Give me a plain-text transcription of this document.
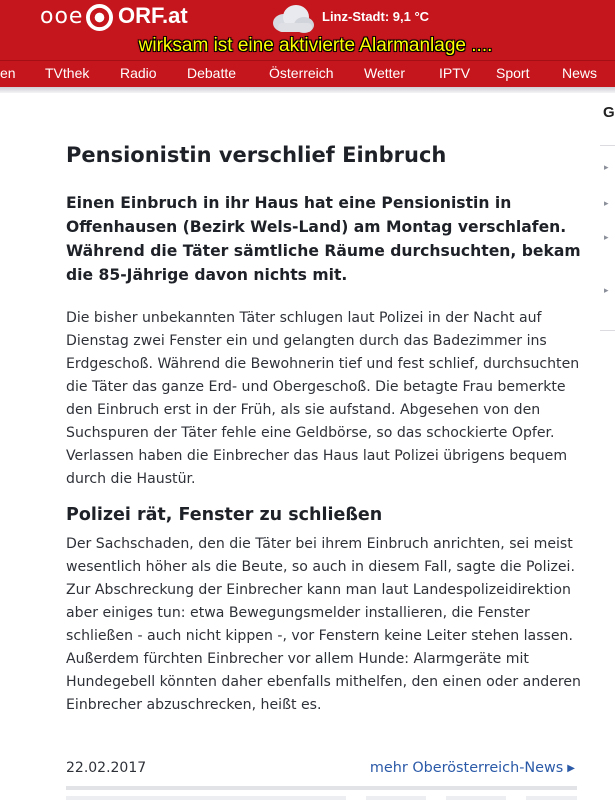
ooe ORF.at	Linz-Stadt: 9,1 °C
wirksam ist eine aktivierte Alarmanlage ....
en TVthek Radio Debatte Österreich Wetter IPTV Sport News
G
▸
▸
▸
▸
Pensionistin verschlief Einbruch

Einen Einbruch in ihr Haus hat eine Pensionistin in Offenhausen (Bezirk Wels-Land) am Montag verschlafen. Während die Täter sämtliche Räume durchsuchten, bekam die 85-Jährige davon nichts mit.

Die bisher unbekannten Täter schlugen laut Polizei in der Nacht auf Dienstag zwei Fenster ein und gelangten durch das Badezimmer ins Erdgeschoß. Während die Bewohnerin tief und fest schlief, durchsuchten die Täter das ganze Erd- und Obergeschoß. Die betagte Frau bemerkte den Einbruch erst in der Früh, als sie aufstand. Abgesehen von den Suchspuren der Täter fehle eine Geldbörse, so das schockierte Opfer. Verlassen haben die Einbrecher das Haus laut Polizei übrigens bequem durch die Haustür.

Polizei rät, Fenster zu schließen

Der Sachschaden, den die Täter bei ihrem Einbruch anrichten, sei meist wesentlich höher als die Beute, so auch in diesem Fall, sagte die Polizei. Zur Abschreckung der Einbrecher kann man laut Landespolizeidirektion aber einiges tun: etwa Bewegungsmelder installieren, die Fenster schließen - auch nicht kippen -, vor Fenstern keine Leiter stehen lassen. Außerdem fürchten Einbrecher vor allem Hunde: Alarmgeräte mit Hundegebell könnten daher ebenfalls mithelfen, den einen oder anderen Einbrecher abzuschrecken, heißt es.

22.02.2017	mehr Oberösterreich-News ▶
